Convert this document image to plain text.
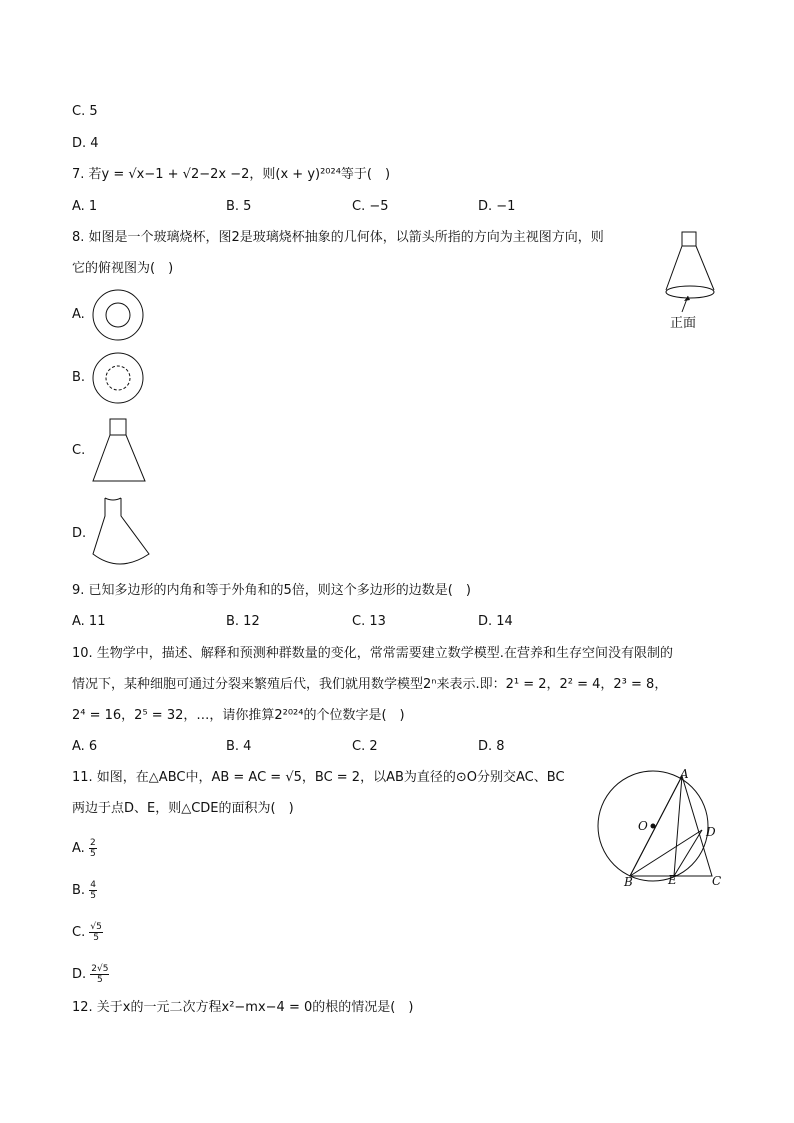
C. 5
D. 4
7. 若y = √x−1 + √2−2x −2，则(x + y)²⁰²⁴等于(　)
A. 1	B. 5	C. −5	D. −1
8. 如图是一个玻璃烧杯，图2是玻璃烧杯抽象的几何体，以箭头所指的方向为主视图方向，则
它的俯视图为(　)
正面
A.
B.
C.
D.
9. 已知多边形的内角和等于外角和的5倍，则这个多边形的边数是(　)
A. 11	B. 12	C. 13	D. 14
10. 生物学中，描述、解释和预测种群数量的变化，常常需要建立数学模型.在营养和生存空间没有限制的
情况下，某种细胞可通过分裂来繁殖后代，我们就用数学模型2ⁿ来表示.即：2¹ = 2，2² = 4，2³ = 8，
2⁴ = 16，2⁵ = 32，…，请你推算2²⁰²⁴的个位数字是(　)
A. 6	B. 4	C. 2	D. 8
11. 如图，在△ABC中，AB = AC = √5，BC = 2，以AB为直径的⊙O分别交AC、BC
两边于点D、E，则△CDE的面积为(　)
A
O	D
B	E	C
A. $\frac{2}{5}$
B. $\frac{4}{5}$
C. $\frac{√5}{5}$
D. $\frac{2√5}{5}$
12. 关于x的一元二次方程x²−mx−4 = 0的根的情况是(　)
